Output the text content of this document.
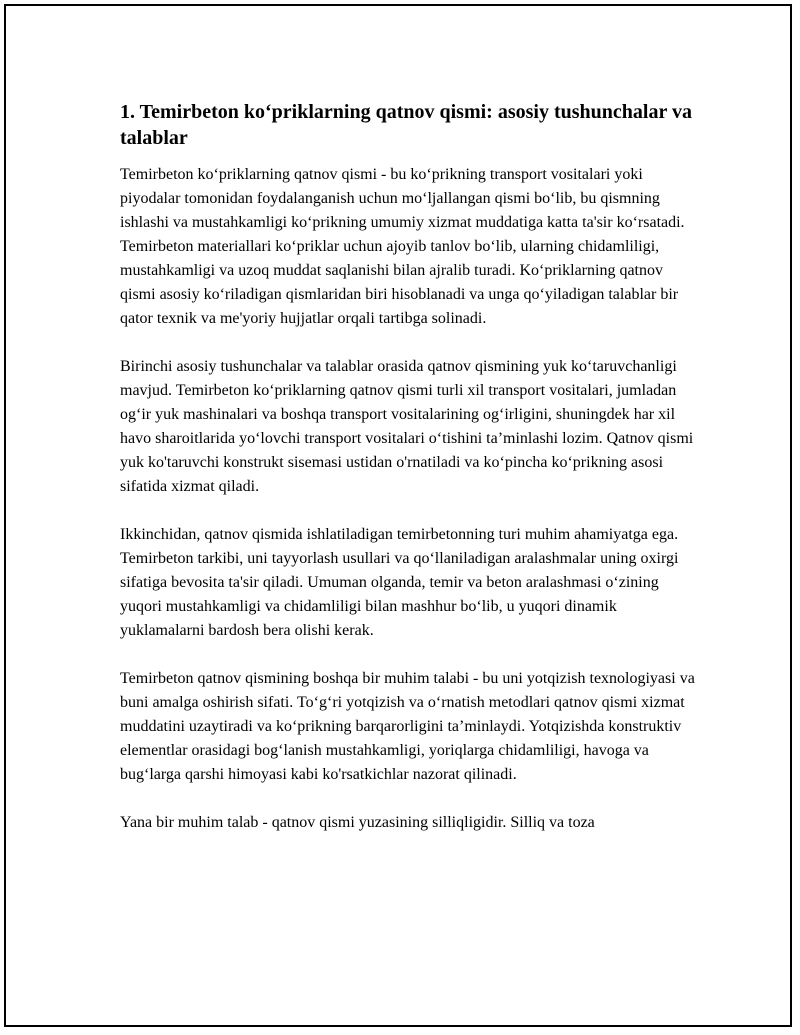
1. Temirbeton ko‘priklarning qatnov qismi: asosiy tushunchalar va talablar

Temirbeton ko‘priklarning qatnov qismi - bu ko‘prikning transport vositalari yoki piyodalar tomonidan foydalanganish uchun mo‘ljallangan qismi bo‘lib, bu qismning ishlashi va mustahkamligi ko‘prikning umumiy xizmat muddatiga katta ta'sir ko‘rsatadi. Temirbeton materiallari ko‘priklar uchun ajoyib tanlov bo‘lib, ularning chidamliligi, mustahkamligi va uzoq muddat saqlanishi bilan ajralib turadi. Ko‘priklarning qatnov qismi asosiy ko‘riladigan qismlaridan biri hisoblanadi va unga qo‘yiladigan talablar bir qator texnik va me'yoriy hujjatlar orqali tartibga solinadi.

Birinchi asosiy tushunchalar va talablar orasida qatnov qismining yuk ko‘taruvchanligi mavjud. Temirbeton ko‘priklarning qatnov qismi turli xil transport vositalari, jumladan og‘ir yuk mashinalari va boshqa transport vositalarining og‘irligini, shuningdek har xil havo sharoitlarida yo‘lovchi transport vositalari o‘tishini ta’minlashi lozim. Qatnov qismi yuk ko'taruvchi konstrukt sisemasi ustidan o'rnatiladi va ko‘pincha ko‘prikning asosi sifatida xizmat qiladi.

Ikkinchidan, qatnov qismida ishlatiladigan temirbetonning turi muhim ahamiyatga ega. Temirbeton tarkibi, uni tayyorlash usullari va qo‘llaniladigan aralashmalar uning oxirgi sifatiga bevosita ta'sir qiladi. Umuman olganda, temir va beton aralashmasi o‘zining yuqori mustahkamligi va chidamliligi bilan mashhur bo‘lib, u yuqori dinamik yuklamalarni bardosh bera olishi kerak.

Temirbeton qatnov qismining boshqa bir muhim talabi - bu uni yotqizish texnologiyasi va buni amalga oshirish sifati. To‘g‘ri yotqizish va o‘rnatish metodlari qatnov qismi xizmat muddatini uzaytiradi va ko‘prikning barqarorligini ta’minlaydi. Yotqizishda konstruktiv elementlar orasidagi bog‘lanish mustahkamligi, yoriqlarga chidamliligi, havoga va bug‘larga qarshi himoyasi kabi ko'rsatkichlar nazorat qilinadi.

Yana bir muhim talab - qatnov qismi yuzasining silliqligidir. Silliq va toza
